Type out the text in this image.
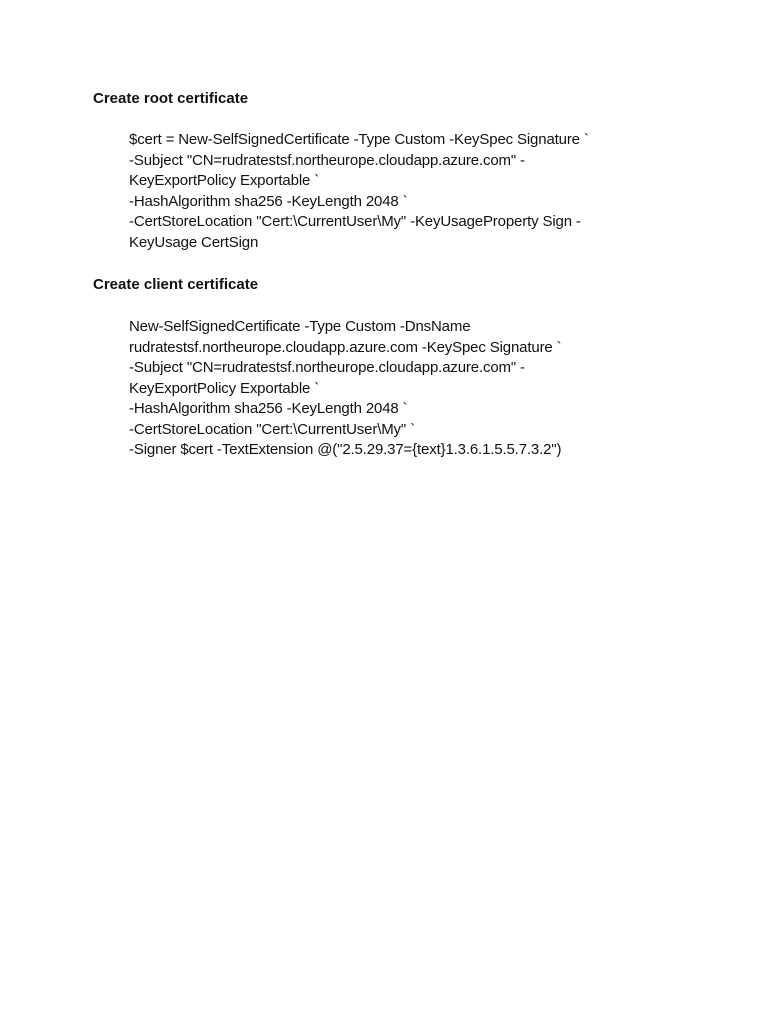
Create root certificate
$cert = New-SelfSignedCertificate -Type Custom -KeySpec Signature `
-Subject "CN=rudratestsf.northeurope.cloudapp.azure.com" -
KeyExportPolicy Exportable `
-HashAlgorithm sha256 -KeyLength 2048 `
-CertStoreLocation "Cert:\CurrentUser\My" -KeyUsageProperty Sign -
KeyUsage CertSign
Create client certificate
New-SelfSignedCertificate -Type Custom -DnsName
rudratestsf.northeurope.cloudapp.azure.com -KeySpec Signature `
-Subject "CN=rudratestsf.northeurope.cloudapp.azure.com" -
KeyExportPolicy Exportable `
-HashAlgorithm sha256 -KeyLength 2048 `
-CertStoreLocation "Cert:\CurrentUser\My" `
-Signer $cert -TextExtension @("2.5.29.37={text}1.3.6.1.5.5.7.3.2")
